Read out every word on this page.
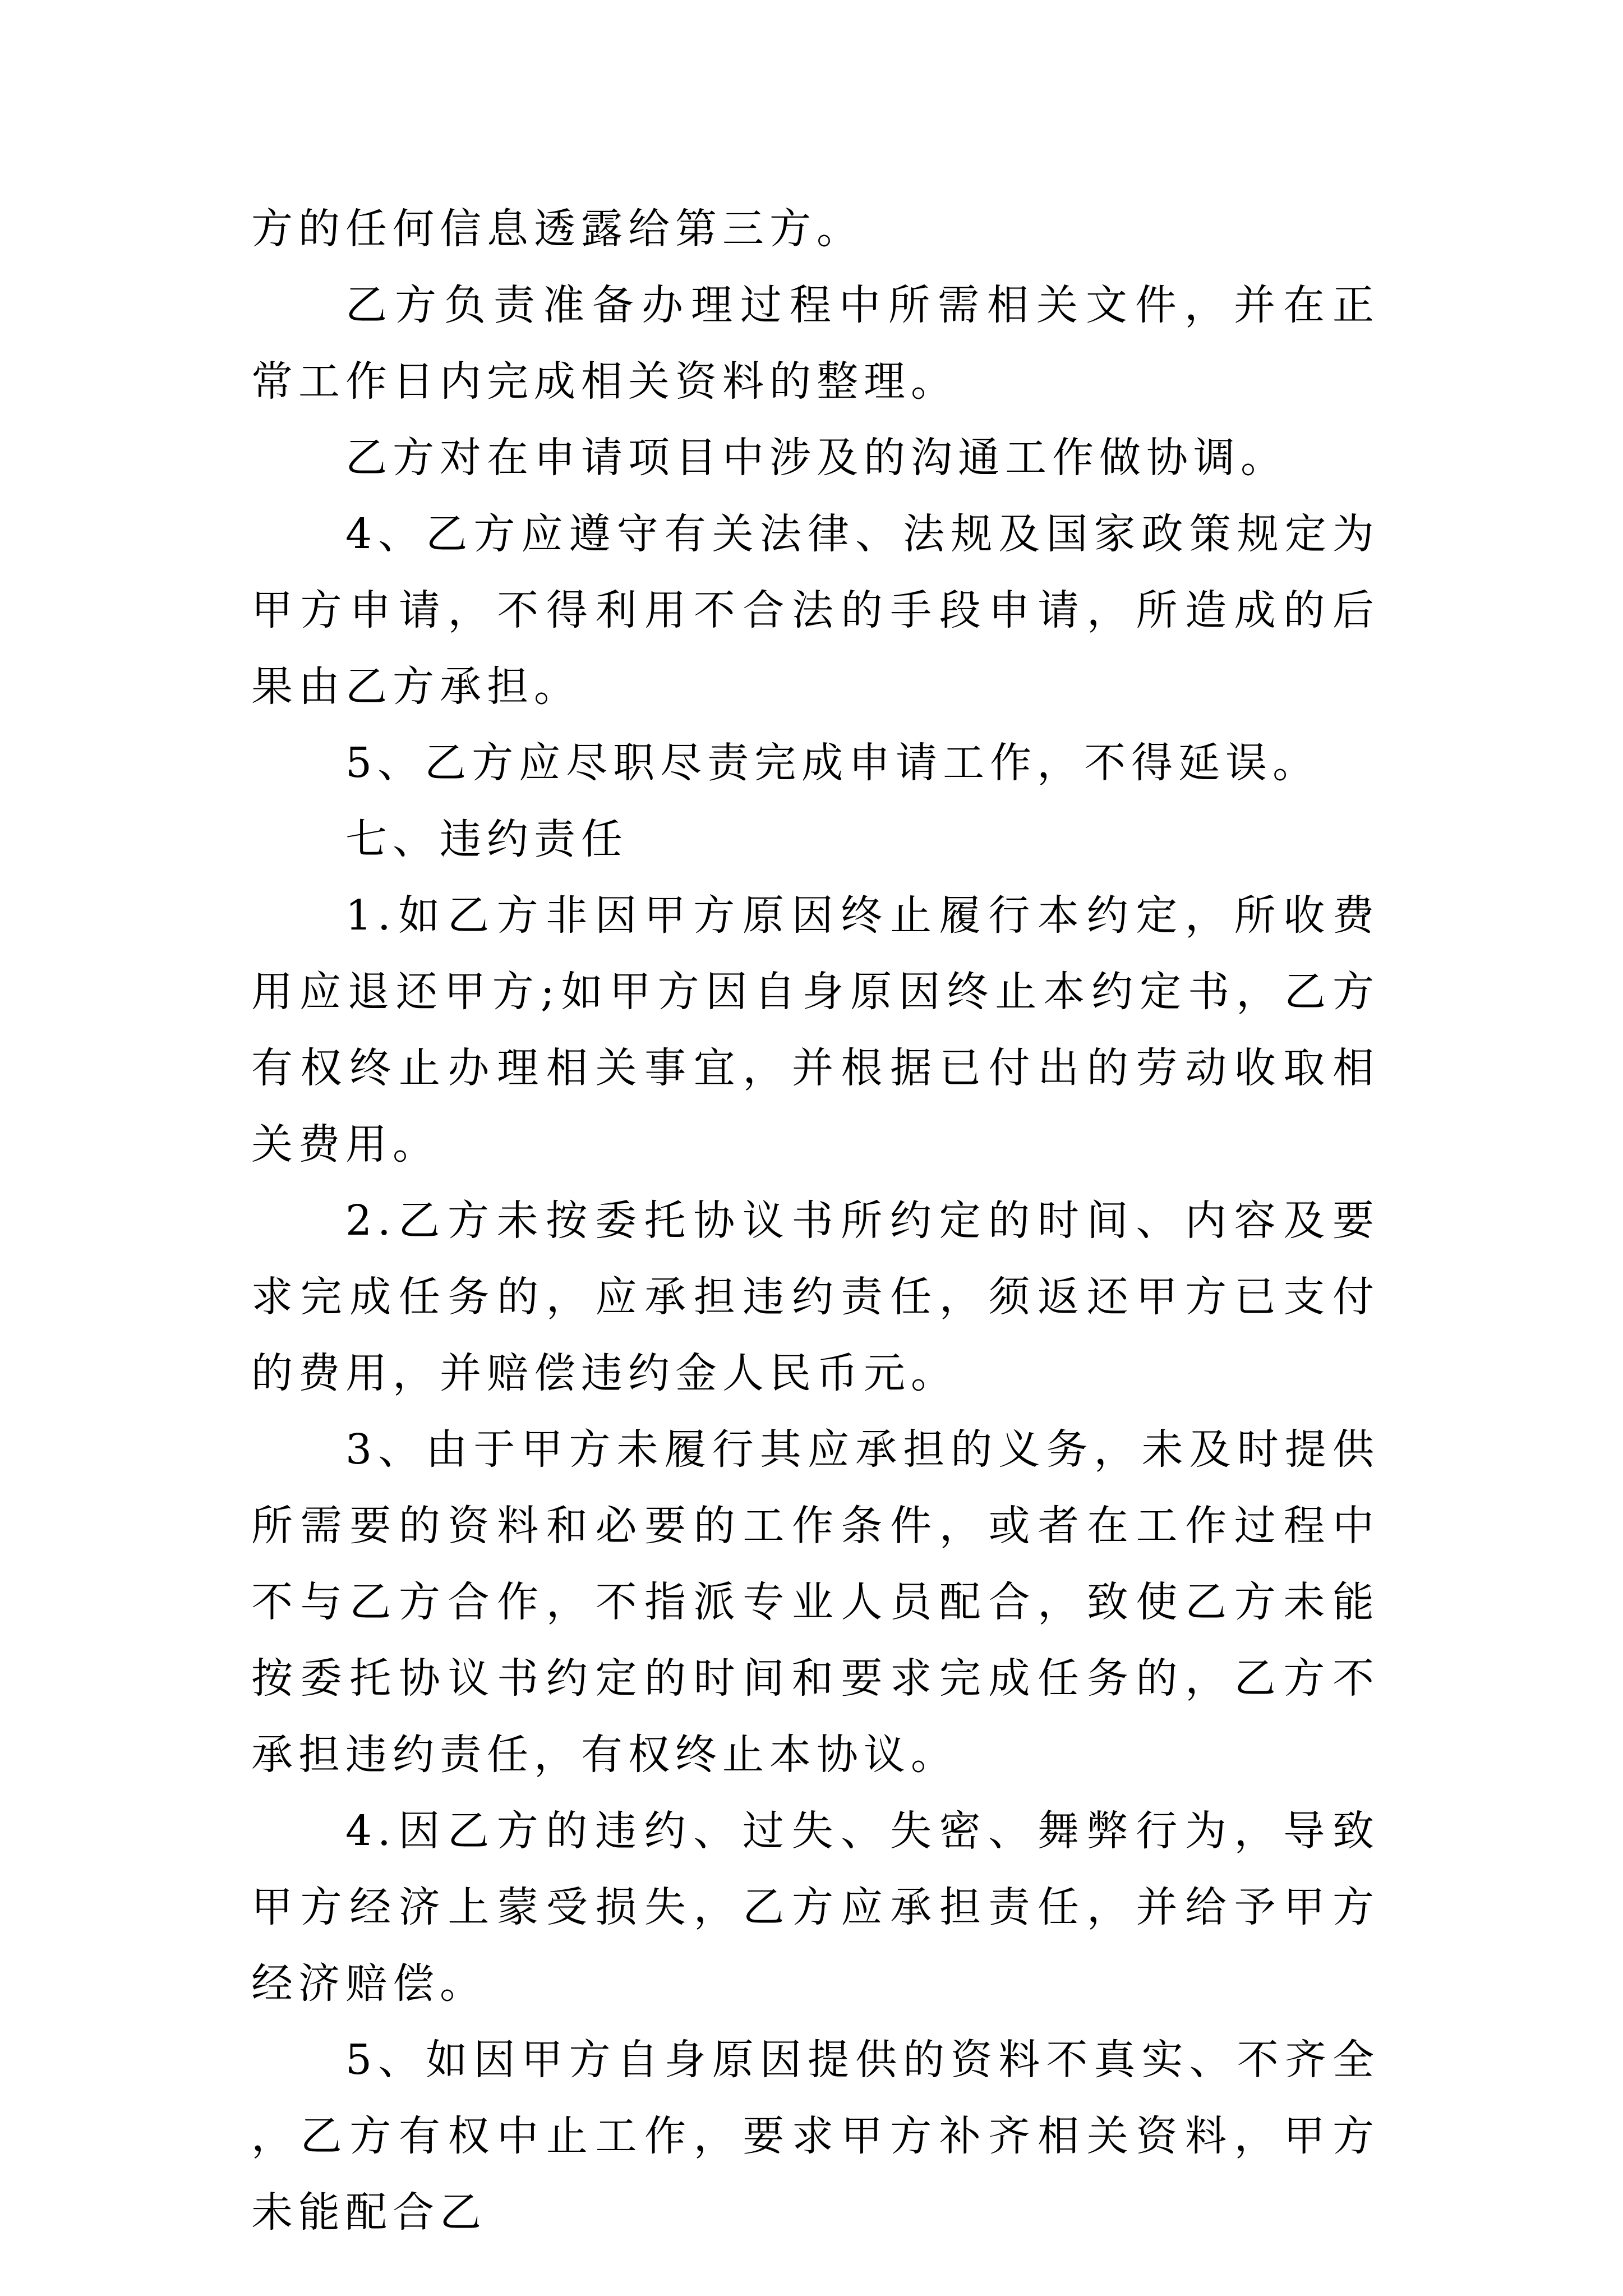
方的任何信息透露给第三方。

乙方负责准备办理过程中所需相关文件，并在正常工作日内完成相关资料的整理。

乙方对在申请项目中涉及的沟通工作做协调。

4、乙方应遵守有关法律、法规及国家政策规定为甲方申请，不得利用不合法的手段申请，所造成的后果由乙方承担。

5、乙方应尽职尽责完成申请工作，不得延误。

七、违约责任

1.如乙方非因甲方原因终止履行本约定，所收费用应退还甲方;如甲方因自身原因终止本约定书，乙方有权终止办理相关事宜，并根据已付出的劳动收取相关费用。

2.乙方未按委托协议书所约定的时间、内容及要求完成任务的，应承担违约责任，须返还甲方已支付的费用，并赔偿违约金人民币元。

3、由于甲方未履行其应承担的义务，未及时提供所需要的资料和必要的工作条件，或者在工作过程中不与乙方合作，不指派专业人员配合，致使乙方未能按委托协议书约定的时间和要求完成任务的，乙方不承担违约责任，有权终止本协议。

4.因乙方的违约、过失、失密、舞弊行为，导致甲方经济上蒙受损失，乙方应承担责任，并给予甲方经济赔偿。

5、如因甲方自身原因提供的资料不真实、不齐全，乙方有权中止工作，要求甲方补齐相关资料，甲方未能配合乙
